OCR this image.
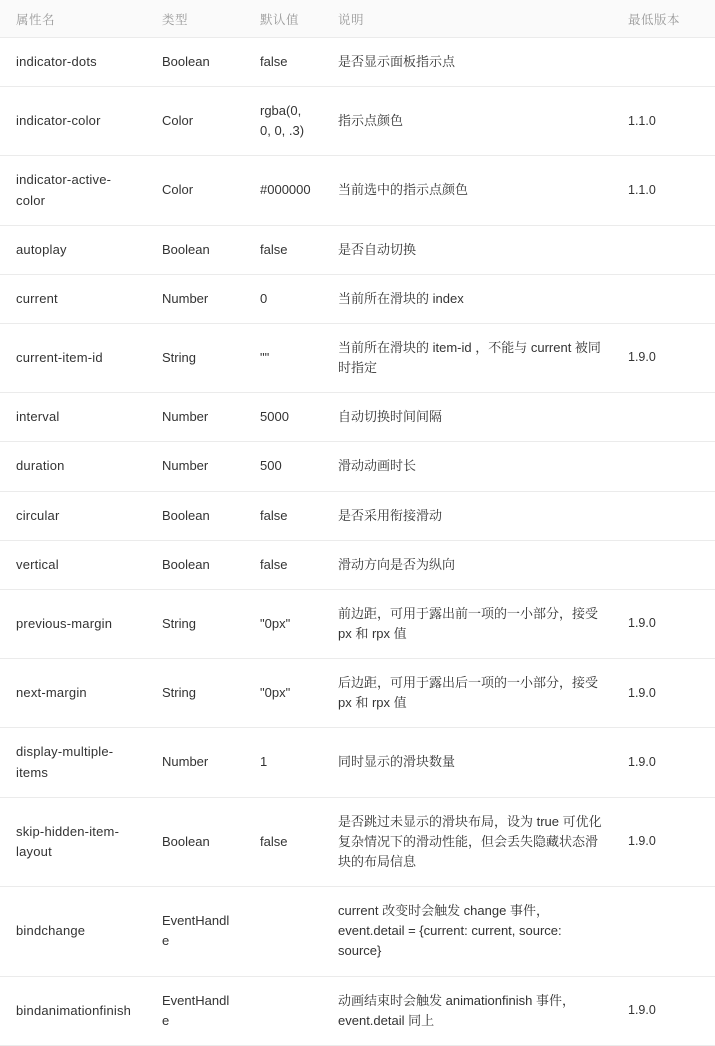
属性名	类型	默认值	说明	最低版本
indicator-dots	Boolean	false	是否显示面板指示点	
indicator-color	Color	rgba(0, 0, 0, .3)	指示点颜色	1.1.0
indicator-active-color	Color	#000000	当前选中的指示点颜色	1.1.0
autoplay	Boolean	false	是否自动切换	
current	Number	0	当前所在滑块的 index	
current-item-id	String	""	当前所在滑块的 item-id ，不能与 current 被同时指定	1.9.0
interval	Number	5000	自动切换时间间隔	
duration	Number	500	滑动动画时长	
circular	Boolean	false	是否采用衔接滑动	
vertical	Boolean	false	滑动方向是否为纵向	
previous-margin	String	"0px"	前边距，可用于露出前一项的一小部分，接受 px 和 rpx 值	1.9.0
next-margin	String	"0px"	后边距，可用于露出后一项的一小部分，接受 px 和 rpx 值	1.9.0
display-multiple-items	Number	1	同时显示的滑块数量	1.9.0
skip-hidden-item-layout	Boolean	false	是否跳过未显示的滑块布局，设为 true 可优化复杂情况下的滑动性能，但会丢失隐藏状态滑块的布局信息	1.9.0
bindchange	EventHandle		current 改变时会触发 change 事件，event.detail = {current: current, source: source}	
bindanimationfinish	EventHandle		动画结束时会触发 animationfinish 事件，event.detail 同上	1.9.0
